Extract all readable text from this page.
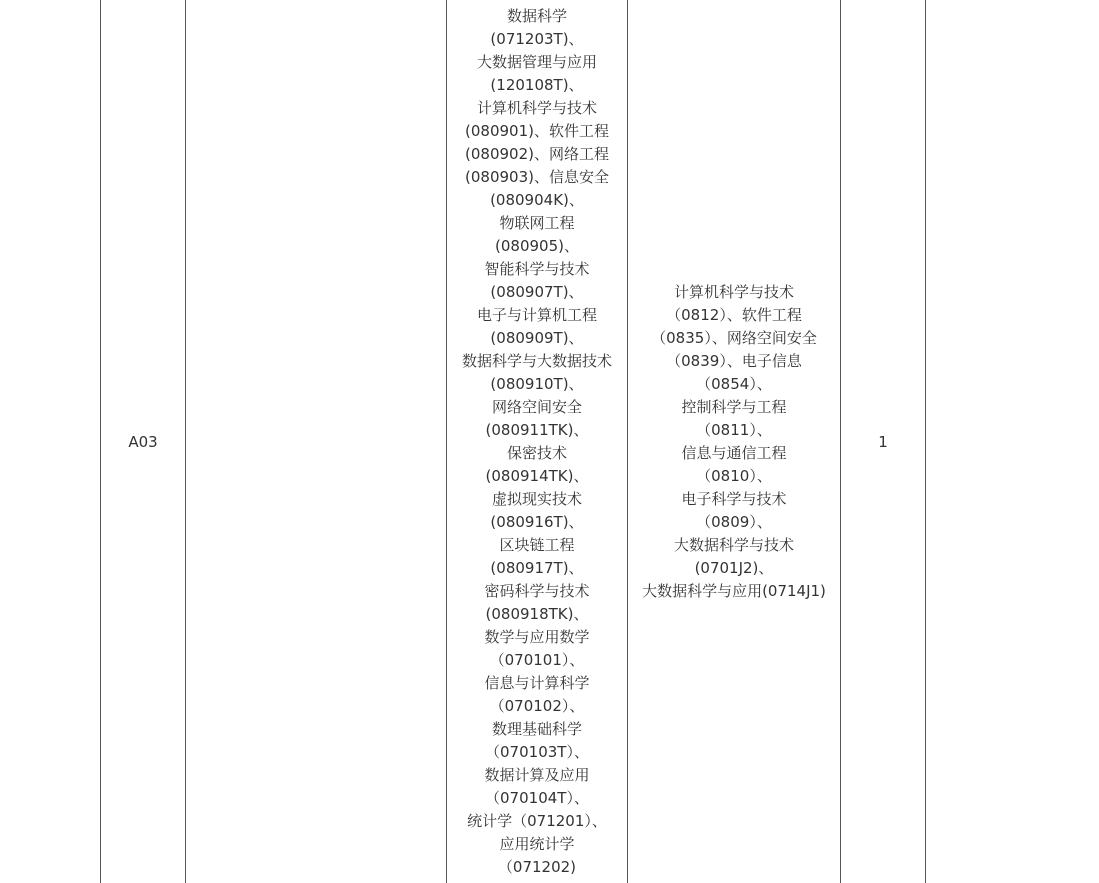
A03
数据科学
(071203T)、
大数据管理与应用
(120108T)、
计算机科学与技术
(080901)、软件工程
(080902)、网络工程
(080903)、信息安全
(080904K)、
物联网工程
(080905)、
智能科学与技术
(080907T)、
电子与计算机工程
(080909T)、
数据科学与大数据技术
(080910T)、
网络空间安全
(080911TK)、
保密技术
(080914TK)、
虚拟现实技术
(080916T)、
区块链工程
(080917T)、
密码科学与技术
(080918TK)、
数学与应用数学
（070101）、
信息与计算科学
（070102）、
数理基础科学
（070103T）、
数据计算及应用
（070104T）、
统计学（071201）、
应用统计学
（071202)
计算机科学与技术
（0812）、软件工程
（0835）、网络空间安全
（0839）、电子信息
（0854）、
控制科学与工程
（0811）、
信息与通信工程
（0810）、
电子科学与技术
（0809）、
大数据科学与技术
(0701J2)、
大数据科学与应用(0714J1)
1
